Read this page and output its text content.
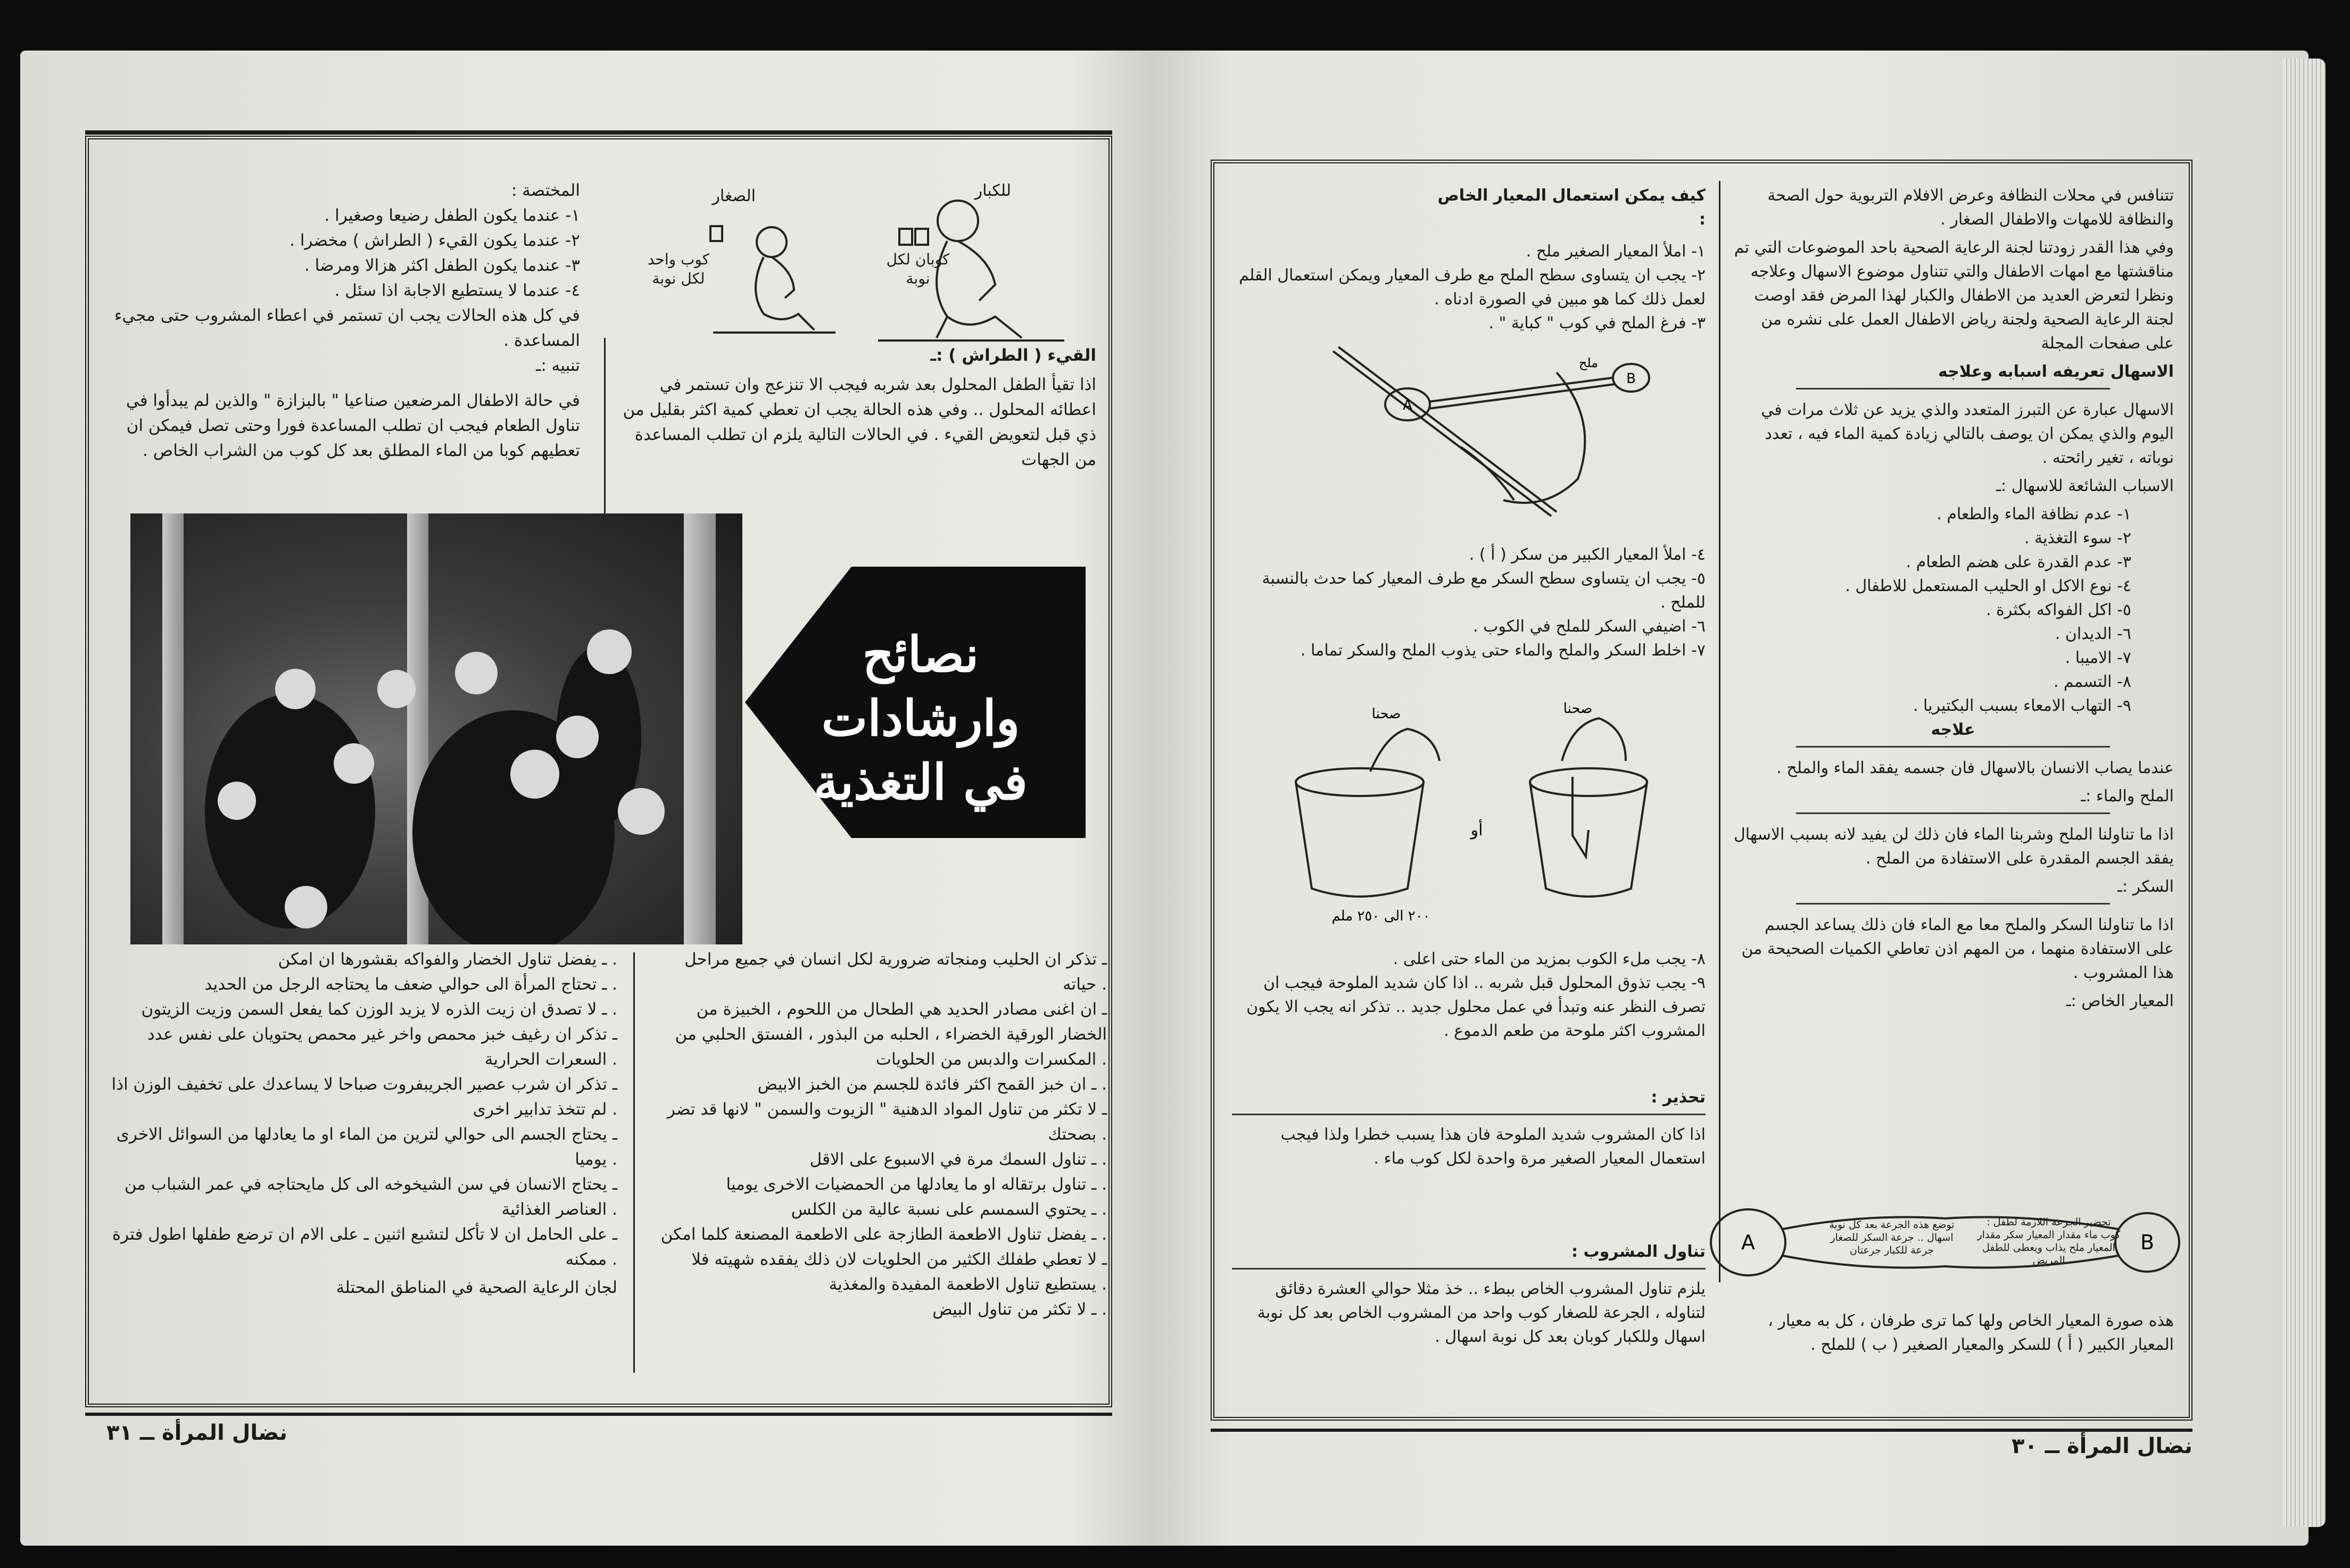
للكبار
كوبان لكل نوبة
الصغار
كوب واحد لكل نوبة
القيء ( الطراش ) :ـ
اذا تقيأ الطفل المحلول بعد شربه فيجب الا تنزعج وان تستمر في اعطائه المحلول .. وفي هذه الحالة يجب ان تعطي كمية اكثر بقليل من ذي قبل لتعويض القيء . في الحالات التالية يلزم ان تطلب المساعدة من الجهات
المختصة :
١- عندما يكون الطفل رضيعا وصغيرا .
٢- عندما يكون القيء ( الطراش ) مخضرا .
٣- عندما يكون الطفل اكثر هزالا ومرضا .
٤- عندما لا يستطيع الاجابة اذا سئل .
في كل هذه الحالات يجب ان تستمر في اعطاء المشروب حتى مجيء المساعدة .
تنبيه :ـ
في حالة الاطفال المرضعين صناعيا " بالبزازة " والذين لم يبدأوا في تناول الطعام فيجب ان تطلب المساعدة فورا وحتى تصل فيمكن ان تعطيهم كوبا من الماء المطلق بعد كل كوب من الشراب الخاص .
نصائح وارشادات
في التغذية
ـ تذكر ان الحليب ومنجاته ضرورية لكل انسان في جميع مراحل حياته .
ـ ان اغنى مصادر الحديد هي الطحال من اللحوم ، الخبيزة من الخضار الورقية الخضراء ، الحلبه من البذور ، الفستق الحلبي من المكسرات والدبس من الحلويات .
ـ ان خبز القمح اكثر فائدة للجسم من الخبز الابيض .
ـ لا تكثر من تناول المواد الدهنية " الزيوت والسمن " لانها قد تضر بصحتك .
ـ تناول السمك مرة في الاسبوع على الاقل .
ـ تناول برتقاله او ما يعادلها من الحمضيات الاخرى يوميا .
ـ يحتوي السمسم على نسبة عالية من الكلس .
ـ يفضل تناول الاطعمة الطازجة على الاطعمة المصنعة كلما امكن .
ـ لا تعطي طفلك الكثير من الحلويات لان ذلك يفقده شهيته فلا يستطيع تناول الاطعمة المفيدة والمغذية .
ـ لا تكثر من تناول البيض .
ـ يفضل تناول الخضار والفواكه بقشورها ان امكن .
ـ تحتاج المرأة الى حوالي ضعف ما يحتاجه الرجل من الحديد .
ـ لا تصدق ان زيت الذره لا يزيد الوزن كما يفعل السمن وزيت الزيتون .
ـ تذكر ان رغيف خبز محمص واخر غير محمص يحتويان على نفس عدد السعرات الحرارية .
ـ تذكر ان شرب عصير الجريبفروت صباحا لا يساعدك على تخفيف الوزن اذا لم تتخذ تدابير اخرى .
ـ يحتاج الجسم الى حوالي لترين من الماء او ما يعادلها من السوائل الاخرى يوميا .
ـ يحتاج الانسان في سن الشيخوخه الى كل مايحتاجه في عمر الشباب من العناصر الغذائية .
ـ على الحامل ان لا تأكل لتشبع اثنين ـ على الام ان ترضع طفلها اطول فترة ممكنه .

لجان الرعاية الصحية في المناطق المحتلة

نضال المرأة ــ ٣١

تتنافس في محلات النظافة وعرض الافلام التربوية حول الصحة والنظافة للامهات والاطفال الصغار .

وفي هذا القدر زودتنا لجنة الرعاية الصحية باحد الموضوعات التي تم مناقشتها مع امهات الاطفال والتي تتناول موضوع الاسهال وعلاجه ونظرا لتعرض العديد من الاطفال والكبار لهذا المرض فقد اوصت لجنة الرعاية الصحية ولجنة رياض الاطفال العمل على نشره من على صفحات المجلة

الاسهال تعريفه اسبابه وعلاجه

الاسهال عبارة عن التبرز المتعدد والذي يزيد عن ثلاث مرات في اليوم والذي يمكن ان يوصف بالتالي زيادة كمية الماء فيه ، تعدد نوباته ، تغير رائحته .

الاسباب الشائعة للاسهال :ـ

١- عدم نظافة الماء والطعام .
٢- سوء التغذية .
٣- عدم القدرة على هضم الطعام .
٤- نوع الاكل او الحليب المستعمل للاطفال .
٥- اكل الفواكه بكثرة .
٦- الديدان .
٧- الاميبا .
٨- التسمم .
٩- التهاب الامعاء بسبب البكتيريا .

علاجه

عندما يصاب الانسان بالاسهال فان جسمه يفقد الماء والملح .

الملح والماء :ـ

اذا ما تناولنا الملح وشربنا الماء فان ذلك لن يفيد لانه بسبب الاسهال يفقد الجسم المقدرة على الاستفادة من الملح .

السكر :ـ

اذا ما تناولنا السكر والملح معا مع الماء فان ذلك يساعد الجسم على الاستفادة منهما ، من المهم اذن تعاطي الكميات الصحيحة من هذا المشروب .

المعيار الخاص :ـ

كيف يمكن استعمال المعيار الخاص :

١- املأ المعيار الصغير ملح .
٢- يجب ان يتساوى سطح الملح مع طرف المعيار ويمكن استعمال القلم لعمل ذلك كما هو مبين في الصورة ادناه .
٣- فرغ الملح في كوب " كباية " .
A
B
ملح
٤- املأ المعيار الكبير من سكر ( أ ) .
٥- يجب ان يتساوى سطح السكر مع طرف المعيار كما حدث بالنسبة للملح .
٦- اضيفي السكر للملح في الكوب .
٧- اخلط السكر والملح والماء حتى يذوب الملح والسكر تماما .
صحنا	صحنا
أو
٢٠٠ الى ٢٥٠ ملم
٨- يجب ملء الكوب بمزيد من الماء حتى اعلى .
٩- يجب تذوق المحلول قبل شربه .. اذا كان شديد الملوحة فيجب ان تصرف النظر عنه وتبدأ في عمل محلول جديد .. تذكر انه يجب الا يكون المشروب اكثر ملوحة من طعم الدموع .

تحذير :

اذا كان المشروب شديد الملوحة فان هذا يسبب خطرا ولذا فيجب استعمال المعيار الصغير مرة واحدة لكل كوب ماء .

تناول المشروب :

يلزم تناول المشروب الخاص ببطء .. خذ مثلا حوالي العشرة دقائق لتناوله ، الجرعة للصغار كوب واحد من المشروب الخاص بعد كل نوبة اسهال وللكبار كوبان بعد كل نوبة اسهال .

A	B
توضع هذه الجرعة بعد كل نوبة اسهال .. جرعة السكر للصغار جرعة للكبار جرعتان
تحضير الجرعة اللازمة لطفل : كوب ماء مقدار المعيار سكر مقدار المعيار ملح يذاب ويعطى للطفل المريض
هذه صورة المعيار الخاص ولها كما ترى طرفان ، كل به معيار ، المعيار الكبير ( أ ) للسكر والمعيار الصغير ( ب ) للملح .
نضال المرأة ــ ٣٠
